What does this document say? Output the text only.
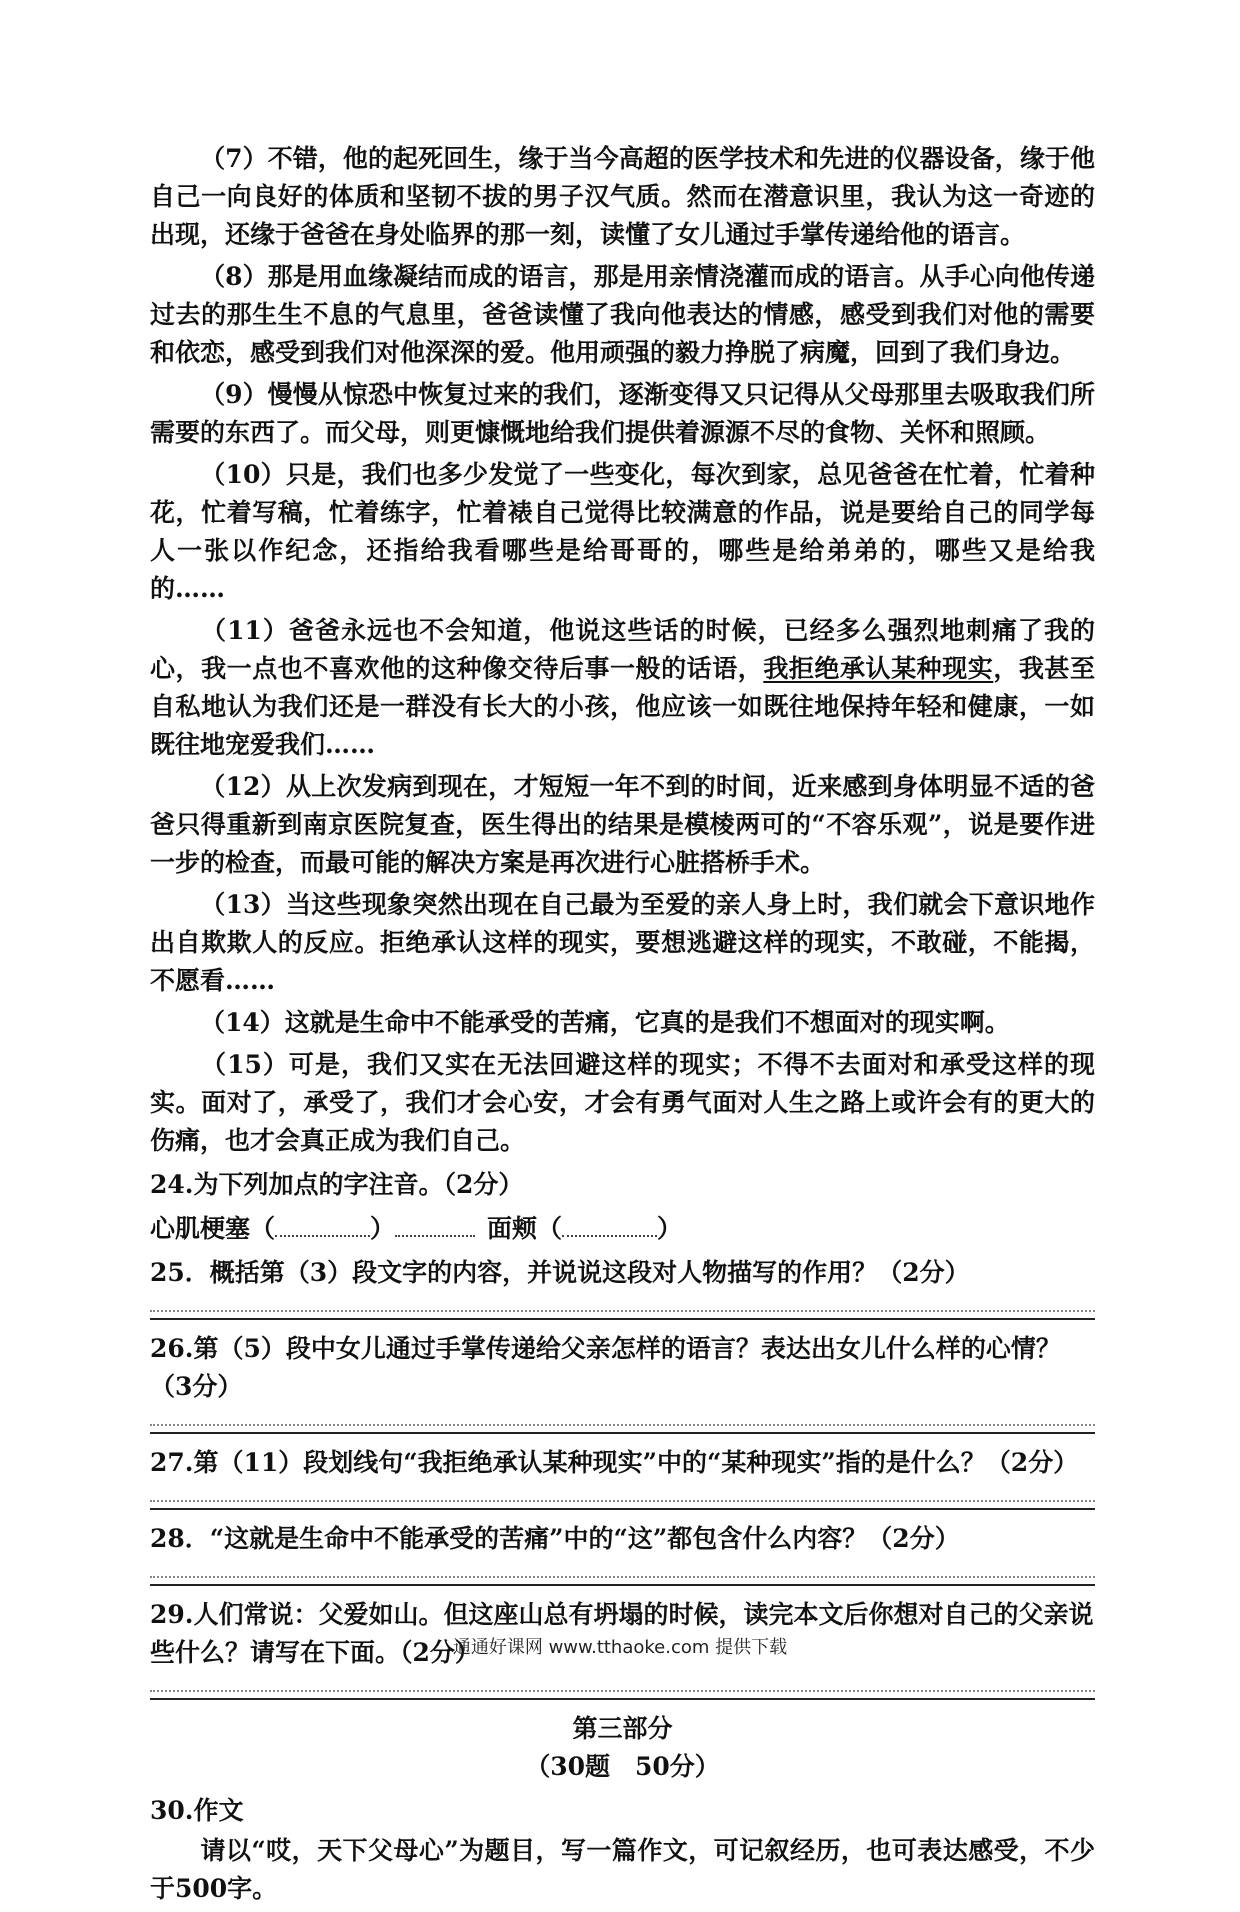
（7）不错，他的起死回生，缘于当今高超的医学技术和先进的仪器设备，缘于他自己一向良好的体质和坚韧不拔的男子汉气质。然而在潜意识里，我认为这一奇迹的出现，还缘于爸爸在身处临界的那一刻，读懂了女儿通过手掌传递给他的语言。

（8）那是用血缘凝结而成的语言，那是用亲情浇灌而成的语言。从手心向他传递过去的那生生不息的气息里，爸爸读懂了我向他表达的情感，感受到我们对他的需要和依恋，感受到我们对他深深的爱。他用顽强的毅力挣脱了病魔，回到了我们身边。

（9）慢慢从惊恐中恢复过来的我们，逐渐变得又只记得从父母那里去吸取我们所需要的东西了。而父母，则更慷慨地给我们提供着源源不尽的食物、关怀和照顾。

（10）只是，我们也多少发觉了一些变化，每次到家，总见爸爸在忙着，忙着种花，忙着写稿，忙着练字，忙着裱自己觉得比较满意的作品，说是要给自己的同学每人一张以作纪念，还指给我看哪些是给哥哥的，哪些是给弟弟的，哪些又是给我的……

（11）爸爸永远也不会知道，他说这些话的时候，已经多么强烈地刺痛了我的心，我一点也不喜欢他的这种像交待后事一般的话语，我拒绝承认某种现实，我甚至自私地认为我们还是一群没有长大的小孩，他应该一如既往地保持年轻和健康，一如既往地宠爱我们……

（12）从上次发病到现在，才短短一年不到的时间，近来感到身体明显不适的爸爸只得重新到南京医院复查，医生得出的结果是模棱两可的“不容乐观”，说是要作进一步的检查，而最可能的解决方案是再次进行心脏搭桥手术。

（13）当这些现象突然出现在自己最为至爱的亲人身上时，我们就会下意识地作出自欺欺人的反应。拒绝承认这样的现实，要想逃避这样的现实，不敢碰，不能揭，不愿看……

（14）这就是生命中不能承受的苦痛，它真的是我们不想面对的现实啊。

（15）可是，我们又实在无法回避这样的现实；不得不去面对和承受这样的现实。面对了，承受了，我们才会心安，才会有勇气面对人生之路上或许会有的更大的伤痛，也才会真正成为我们自己。

24.为下列加点的字注音。（2分）
心肌梗塞（	）	面颊（	）
25．概括第（3）段文字的内容，并说说这段对人物描写的作用？（2分）
26.第（5）段中女儿通过手掌传递给父亲怎样的语言？表达出女儿什么样的心情？（3分）
27.第（11）段划线句“我拒绝承认某种现实”中的“某种现实”指的是什么？（2分）
28．“这就是生命中不能承受的苦痛”中的“这”都包含什么内容？（2分）
29.人们常说：父爱如山。但这座山总有坍塌的时候，读完本文后你想对自己的父亲说些什么？请写在下面。（2分）

第三部分

（30题　50分）

30.作文

请以“哎，天下父母心”为题目，写一篇作文，可记叙经历，也可表达感受，不少于500字。

通通好课网 www.tthaoke.com 提供下载
